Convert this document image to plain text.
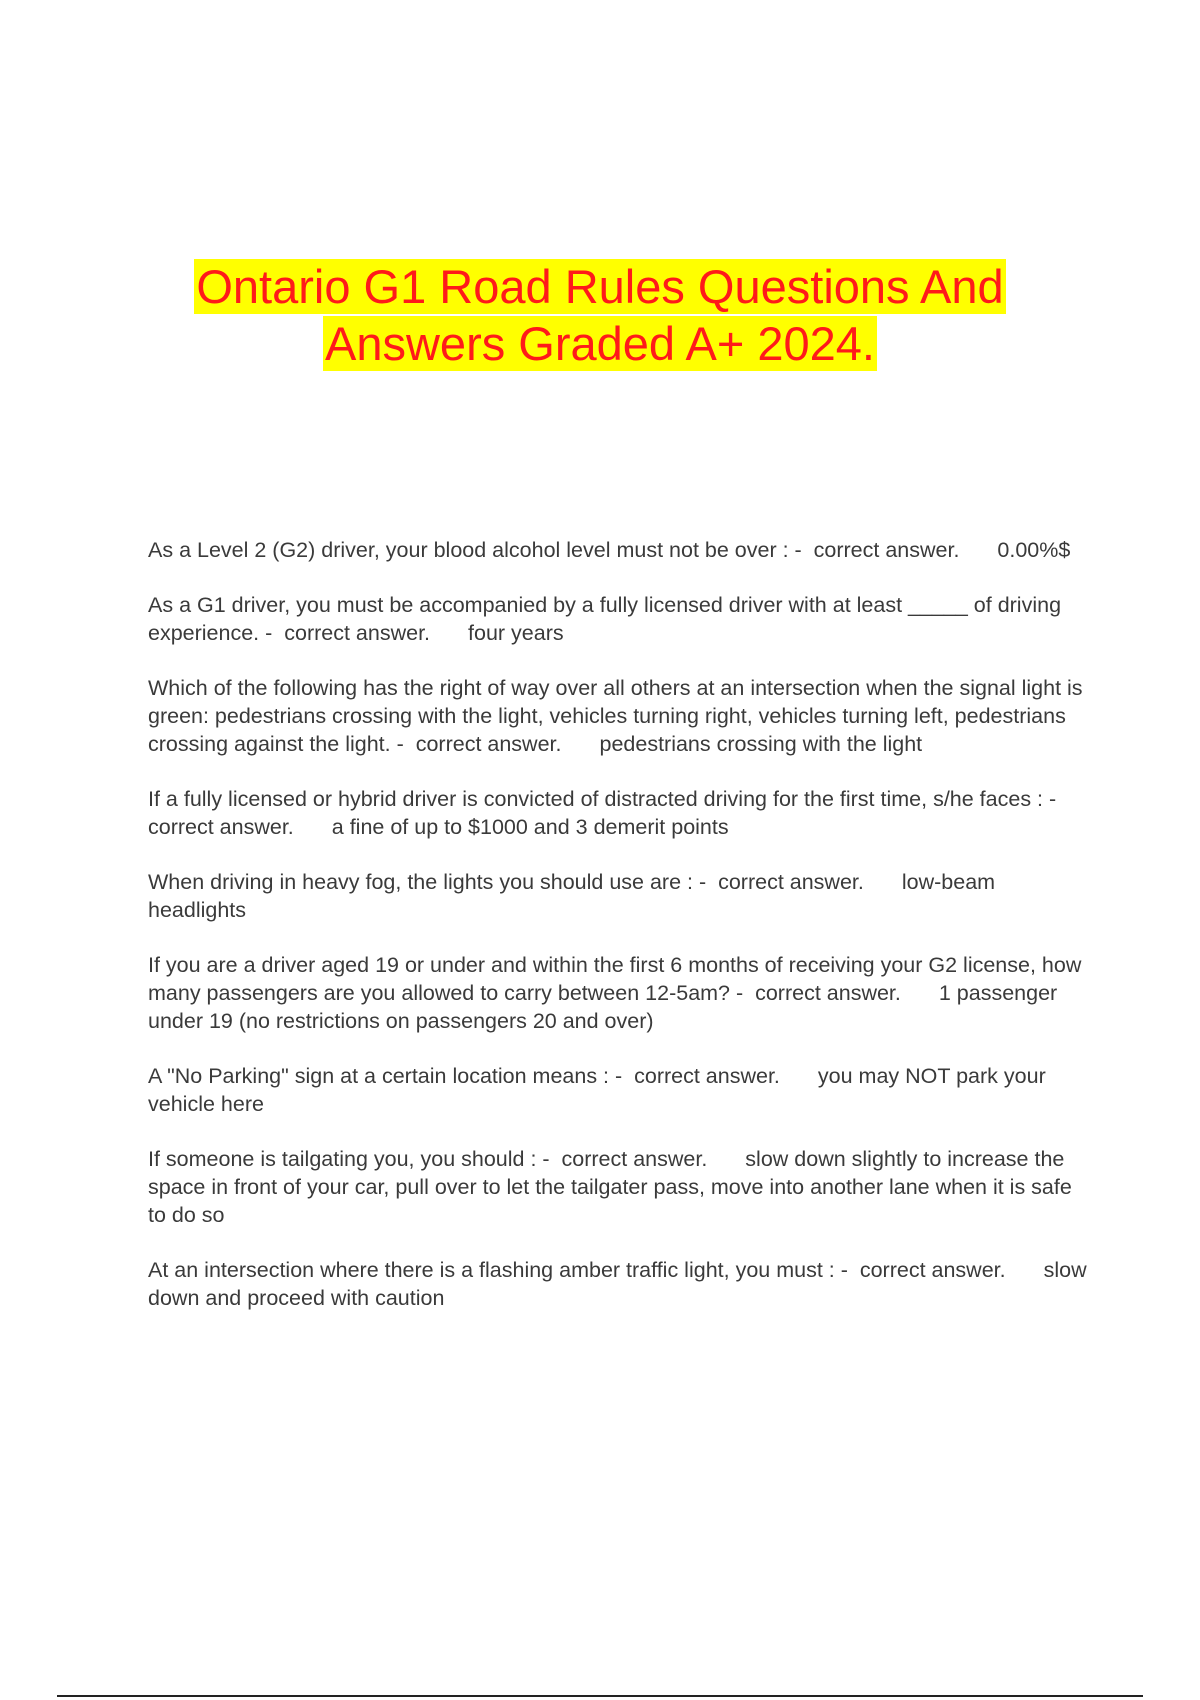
Ontario G1 Road Rules Questions And
Answers Graded A+ 2024.

As a Level 2 (G2) driver, your blood alcohol level must not be over : -  correct answer. 0.00%$

As a G1 driver, you must be accompanied by a fully licensed driver with at least _____ of driving experience. -  correct answer. four years

Which of the following has the right of way over all others at an intersection when the signal light is green: pedestrians crossing with the light, vehicles turning right, vehicles turning left, pedestrians crossing against the light. -  correct answer. pedestrians crossing with the light

If a fully licensed or hybrid driver is convicted of distracted driving for the first time, s/he faces : -  correct answer. a fine of up to $1000 and 3 demerit points

When driving in heavy fog, the lights you should use are : -  correct answer. low-beam headlights

If you are a driver aged 19 or under and within the first 6 months of receiving your G2 license, how many passengers are you allowed to carry between 12-5am? -  correct answer. 1 passenger under 19 (no restrictions on passengers 20 and over)

A "No Parking" sign at a certain location means : -  correct answer. you may NOT park your vehicle here

If someone is tailgating you, you should : -  correct answer. slow down slightly to increase the space in front of your car, pull over to let the tailgater pass, move into another lane when it is safe to do so

At an intersection where there is a flashing amber traffic light, you must : -  correct answer. slow down and proceed with caution
